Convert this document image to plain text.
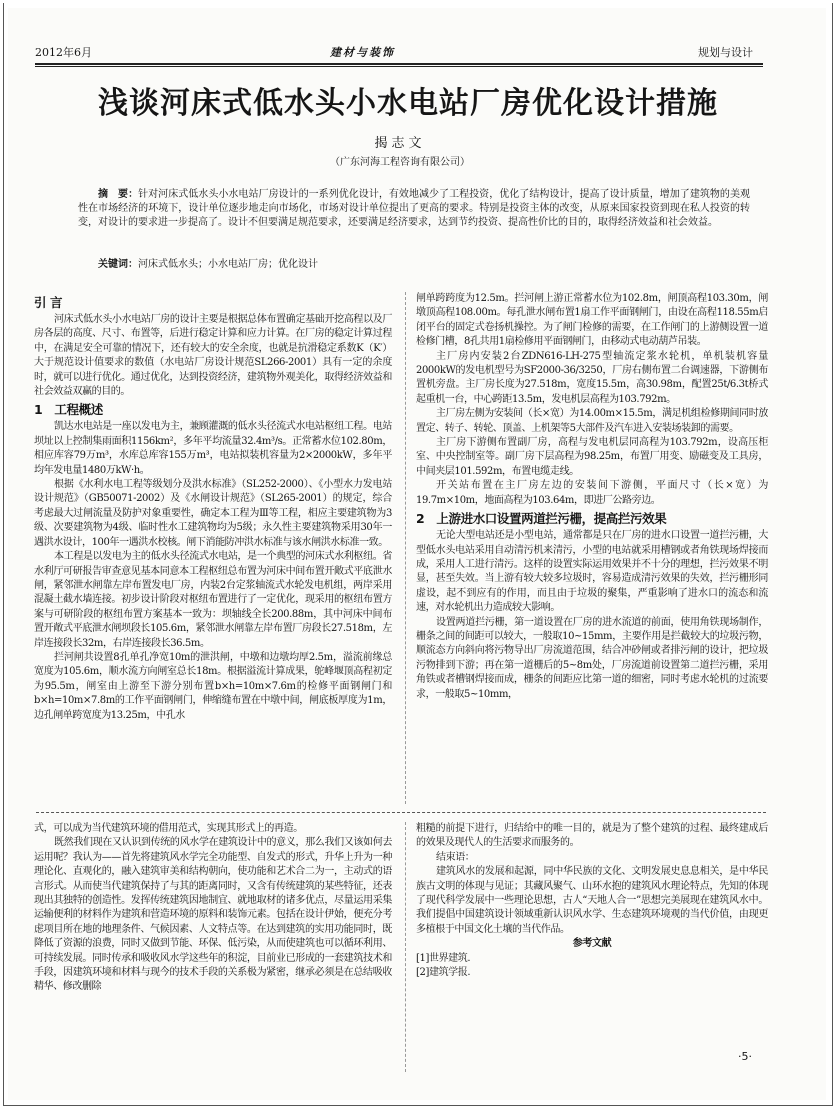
2012年6月	建材与装饰	规划与设计
浅谈河床式低水头小水电站厂房优化设计措施
揭志文
（广东河海工程咨询有限公司）
摘　要：针对河床式低水头小水电站厂房设计的一系列优化设计，有效地减少了工程投资，优化了结构设计，提高了设计质量，增加了建筑物的美观性在市场经济的环境下，设计单位逐步地走向市场化，市场对设计单位提出了更高的要求。特别是投资主体的改变，从原来国家投资到现在私人投资的转变，对设计的要求进一步提高了。设计不但要满足规范要求，还要满足经济要求，达到节约投资、提高性价比的目的，取得经济效益和社会效益。
关键词：河床式低水头；小水电站厂房；优化设计
引 言

河床式低水头小水电站厂房的设计主要是根据总体布置确定基础开挖高程以及厂房各层的高度、尺寸、布置等，后进行稳定计算和应力计算。在厂房的稳定计算过程中，在满足安全可靠的情况下，还有较大的安全余度，也就是抗滑稳定系数K（K′）大于规范设计值要求的数值（水电站厂房设计规范SL266-2001）具有一定的余度时，就可以进行优化。通过优化，达到投资经济，建筑物外观美化，取得经济效益和社会效益双赢的目的。

1　工程概述

凯达水电站是一座以发电为主，兼顾灌溉的低水头径流式水电站枢纽工程。电站坝址以上控制集雨面积1156km²，多年平均流量32.4m³/s。正常蓄水位102.80m，相应库容79万m³，水库总库容155万m³，电站拟装机容量为2×2000kW，多年平均年发电量1480万kW·h。

根据《水利水电工程等级划分及洪水标准》（SL252-2000）、《小型水力发电站设计规范》（GB50071-2002）及《水闸设计规范》（SL265-2001）的规定，综合考虑最大过闸流量及防护对象重要性，确定本工程为Ⅲ等工程，相应主要建筑物为3级、次要建筑物为4级、临时性水工建筑物均为5级；永久性主要建筑物采用30年一遇洪水设计，100年一遇洪水校核。闸下消能防冲洪水标准与该水闸洪水标准一致。

本工程是以发电为主的低水头径流式水电站，是一个典型的河床式水利枢纽。省水利厅可研报告审查意见基本同意本工程枢纽总布置为河床中间布置开敞式平底泄水闸，紧邻泄水闸靠左岸布置发电厂房，内装2台定浆轴流式水轮发电机组，两岸采用混凝土截水墙连接。初步设计阶段对枢纽布置进行了一定优化，现采用的枢纽布置方案与可研阶段的枢纽布置方案基本一致为：坝轴线全长200.88m，其中河床中间布置开敞式平底泄水闸坝段长105.6m，紧邻泄水闸靠左岸布置厂房段长27.518m，左岸连接段长32m，右岸连接段长36.5m。

拦河闸共设置8孔单孔净宽10m的泄洪闸，中墩和边墩均厚2.5m，溢流前缘总宽度为105.6m，顺水流方向闸室总长18m。根据溢流计算成果，鸵峰堰顶高程初定为95.5m，闸室由上游至下游分别布置b×h=10m×7.6m的检修平面钢闸门和b×h=10m×7.8m的工作平面钢闸门，伸缩缝布置在中墩中间，闸底板厚度为1m，边孔闸单跨宽度为13.25m，中孔水

闸单跨跨度为12.5m。拦河闸上游正常蓄水位为102.8m，闸顶高程103.30m，闸墩顶高程108.00m。每孔泄水闸布置1扇工作平面钢闸门，由设在高程118.55m启闭平台的固定式卷扬机操控。为了闸门检修的需要，在工作闸门的上游侧设置一道检修门槽，8孔共用1扇检修用平面钢闸门，由移动式电动葫芦吊装。

主厂房内安装2台ZDN616-LH-275型轴流定浆水轮机，单机装机容量2000kW的发电机型号为SF2000-36/3250，厂房右侧布置二台调速器，下游侧布置机旁盘。主厂房长度为27.518m，宽度15.5m，高30.98m，配置25t/6.3t桥式起重机一台，中心跨距13.5m，发电机层高程为103.792m。

主厂房左侧为安装间（长×宽）为14.00m×15.5m，满足机组检修期间同时放置定、转子、转轮、顶盖、上机架等5大部件及汽车进入安装场装卸的需要。

主厂房下游侧布置副厂房，高程与发电机层同高程为103.792m，设高压柜室、中央控制室等。副厂房下层高程为98.25m，布置厂用变、励磁变及工具房，中间夹层101.592m，布置电缆走线。

开关站布置在主厂房左边的安装间下游侧，平面尺寸（长×宽）为19.7m×10m，地面高程为103.64m，即进厂公路旁边。

2　上游进水口设置两道拦污栅，提高拦污效果

无论大型电站还是小型电站，通常都是只在厂房的进水口设置一道拦污栅，大型低水头电站采用自动清污机来清污，小型的电站就采用槽钢或者角铁现场焊接而成，采用人工进行清污。这样的设置实际运用效果并不十分的理想，拦污效果不明显，甚至失效。当上游有较大较多垃圾时，容易造成清污效果的失效，拦污栅形同虚设，起不到应有的作用，而且由于垃圾的聚集，严重影响了进水口的流态和流速，对水轮机出力造成较大影响。

设置两道拦污栅，第一道设置在厂房的进水流道的前面，使用角铁现场制作，栅条之间的间距可以较大，一般取10~15mm，主要作用是拦截较大的垃圾污物，顺流态方向斜向将污物导出厂房流道范围，结合冲砂闸或者排污闸的设计，把垃圾污物排到下游；再在第一道栅后的5~8m处，厂房流道前设置第二道拦污栅，采用角铁或者槽钢焊接而成，栅条的间距应比第一道的细密，同时考虑水轮机的过流要求，一般取5~10mm，

式，可以成为当代建筑环境的借用范式，实现其形式上的再造。

既然我们现在又认识到传统的风水学在建筑设计中的意义，那么我们又该如何去运用呢？我认为——首先将建筑风水学完全功能型、自发式的形式，升华上升为一种理论化、直观化的，融入建筑审美和结构朝向，使功能和艺术合二为一，主动式的语言形式。从而使当代建筑保持了与其的距离同时，又含有传统建筑的某些特征，还表现出其独特的创造性。发挥传统建筑因地制宜、就地取材的诸多优点，尽量运用采集运输便利的材料作为建筑和营造环境的原料和装饰元素。包括在设计伊始，便充分考虑项目所在地的地理条件、气候因素、人文特点等。在达到建筑的实用功能同时，既降低了资源的浪费，同时又做到节能、环保、低污染，从而使建筑也可以循环利用、可持续发展。同时传承和吸收风水学这些年的积淀，目前业已形成的一套建筑技术和手段，因建筑环境和材料与现今的技术手段的关系极为紧密，继承必须是在总结吸收精华、修改删除

粗糙的前提下进行，归结给中的唯一目的，就是为了整个建筑的过程、最终建成后的效果及现代人的生活要求而服务的。

结束语：

建筑风水的发展和起源，同中华民族的文化、文明发展史息息相关，是中华民族古文明的体现与见证；其藏风聚气、山环水抱的建筑风水理论特点，先知的体现了现代科学发展中一些理论思想，古人“天地人合一”思想完美展现在建筑风水中。我们提倡中国建筑设计领域重新认识风水学、生态建筑环境观的当代价值，由现更多植根于中国文化土壤的当代作品。

参考文献

[1]世界建筑.

[2]建筑学报.

·5·
